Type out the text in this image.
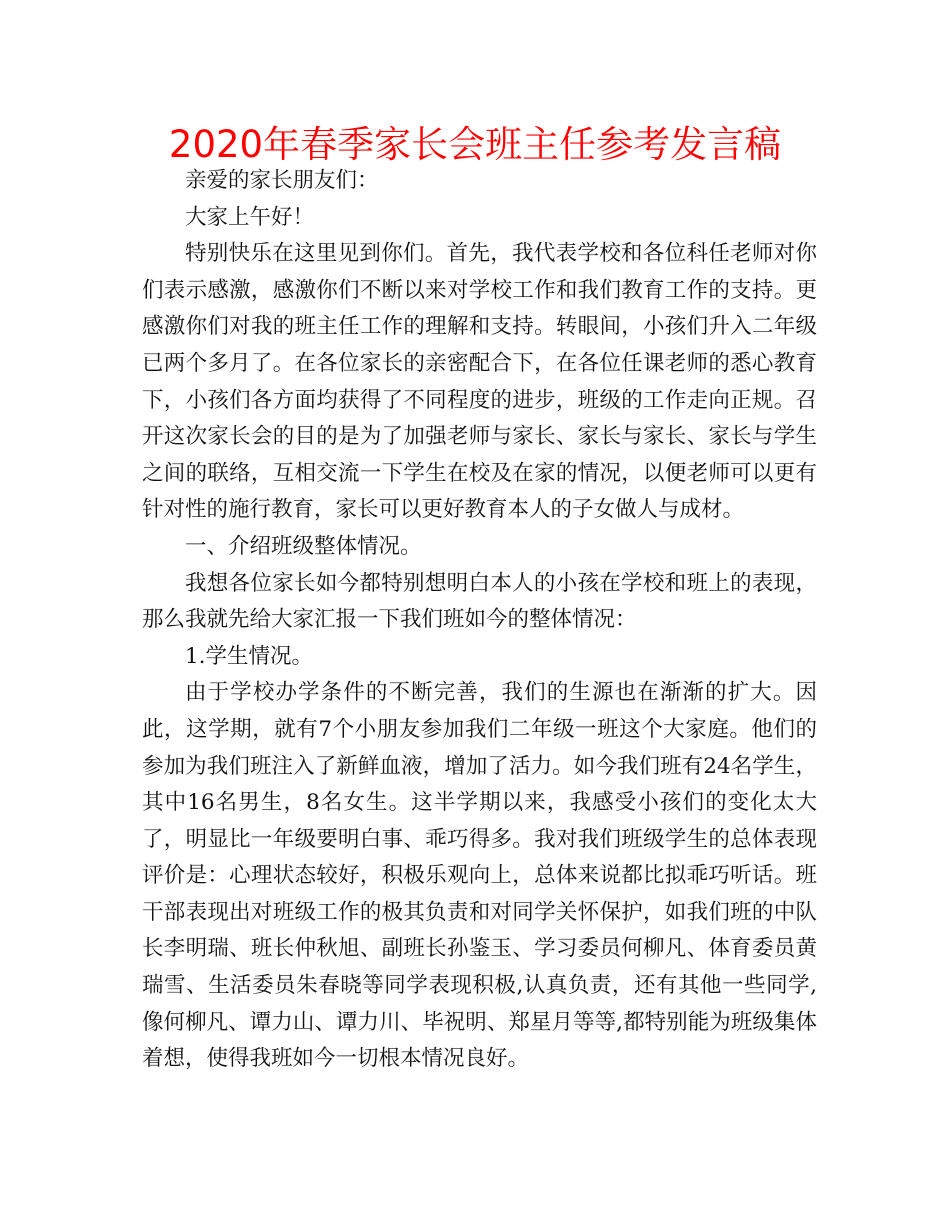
2020年春季家长会班主任参考发言稿

亲爱的家长朋友们：

大家上午好！

特别快乐在这里见到你们。首先，我代表学校和各位科任老师对你们表示感激，感激你们不断以来对学校工作和我们教育工作的支持。更感激你们对我的班主任工作的理解和支持。转眼间，小孩们升入二年级已两个多月了。在各位家长的亲密配合下，在各位任课老师的悉心教育下，小孩们各方面均获得了不同程度的进步，班级的工作走向正规。召开这次家长会的目的是为了加强老师与家长、家长与家长、家长与学生之间的联络，互相交流一下学生在校及在家的情况，以便老师可以更有针对性的施行教育，家长可以更好教育本人的子女做人与成材。

一、介绍班级整体情况。

我想各位家长如今都特别想明白本人的小孩在学校和班上的表现，那么我就先给大家汇报一下我们班如今的整体情况：

1.学生情况。

由于学校办学条件的不断完善，我们的生源也在渐渐的扩大。因此，这学期，就有7个小朋友参加我们二年级一班这个大家庭。他们的参加为我们班注入了新鲜血液，增加了活力。如今我们班有24名学生，其中16名男生，8名女生。这半学期以来，我感受小孩们的变化太大了，明显比一年级要明白事、乖巧得多。我对我们班级学生的总体表现评价是：心理状态较好，积极乐观向上，总体来说都比拟乖巧听话。班干部表现出对班级工作的极其负责和对同学关怀保护，如我们班的中队长李明瑞、班长仲秋旭、副班长孙鉴玉、学习委员何柳凡、体育委员黄瑞雪、生活委员朱春晓等同学表现积极,认真负责，还有其他一些同学,像何柳凡、谭力山、谭力川、毕祝明、郑星月等等,都特别能为班级集体着想，使得我班如今一切根本情况良好。
